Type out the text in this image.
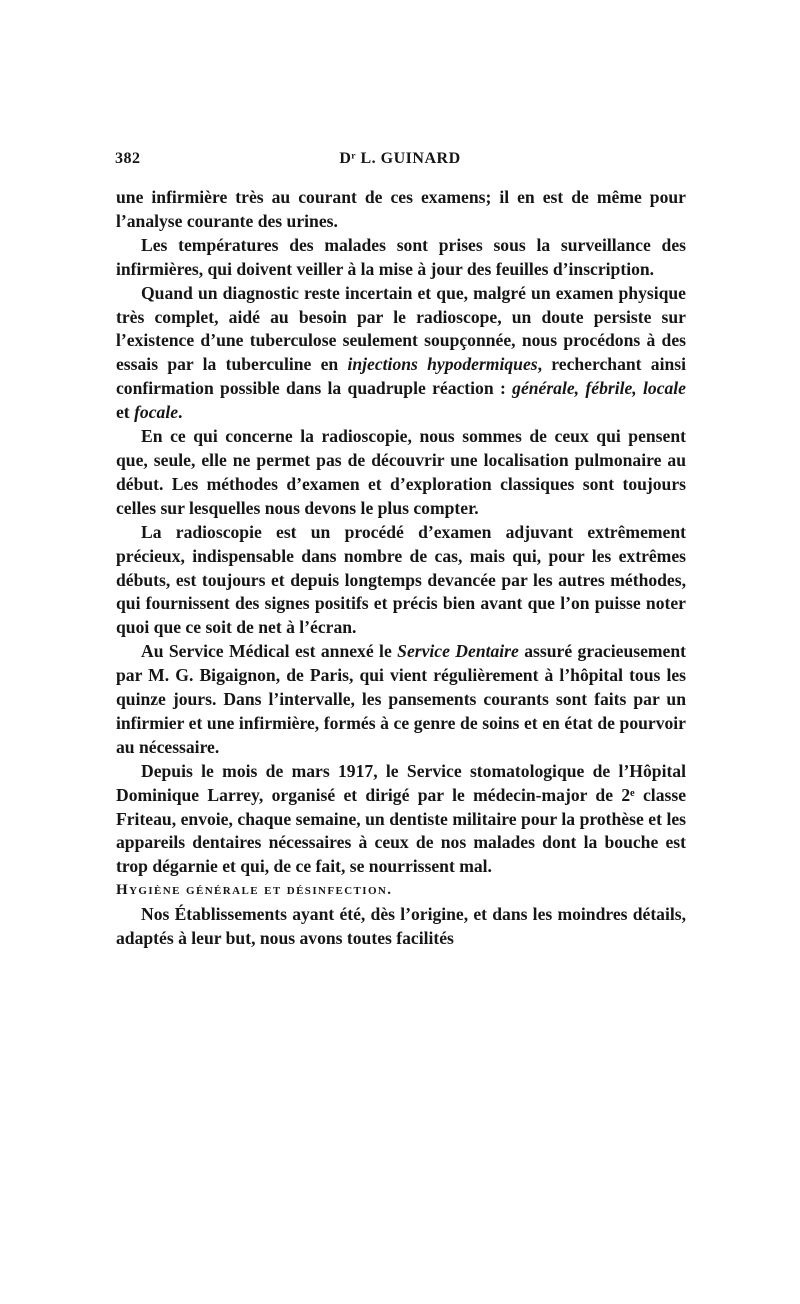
382	Dʳ L. GUINARD

une infirmière très au courant de ces examens; il en est de même pour l’analyse courante des urines.

Les températures des malades sont prises sous la surveillance des infirmières, qui doivent veiller à la mise à jour des feuilles d’inscription.

Quand un diagnostic reste incertain et que, malgré un examen physique très complet, aidé au besoin par le radioscope, un doute persiste sur l’existence d’une tuberculose seulement soupçonnée, nous procédons à des essais par la tuberculine en injections hypodermiques, recherchant ainsi confirmation possible dans la quadruple réaction : générale, fébrile, locale et focale.

En ce qui concerne la radioscopie, nous sommes de ceux qui pensent que, seule, elle ne permet pas de découvrir une localisation pulmonaire au début. Les méthodes d’examen et d’exploration classiques sont toujours celles sur lesquelles nous devons le plus compter.

La radioscopie est un procédé d’examen adjuvant extrêmement précieux, indispensable dans nombre de cas, mais qui, pour les extrêmes débuts, est toujours et depuis longtemps devancée par les autres méthodes, qui fournissent des signes positifs et précis bien avant que l’on puisse noter quoi que ce soit de net à l’écran.

Au Service Médical est annexé le Service Dentaire assuré gracieusement par M. G. Bigaignon, de Paris, qui vient régulièrement à l’hôpital tous les quinze jours. Dans l’intervalle, les pansements courants sont faits par un infirmier et une infirmière, formés à ce genre de soins et en état de pourvoir au nécessaire.

Depuis le mois de mars 1917, le Service stomatologique de l’Hôpital Dominique Larrey, organisé et dirigé par le médecin-major de 2ᵉ classe Friteau, envoie, chaque semaine, un dentiste militaire pour la prothèse et les appareils dentaires nécessaires à ceux de nos malades dont la bouche est trop dégarnie et qui, de ce fait, se nourrissent mal.

Hygiène générale et désinfection.

Nos Établissements ayant été, dès l’origine, et dans les moindres détails, adaptés à leur but, nous avons toutes facilités
